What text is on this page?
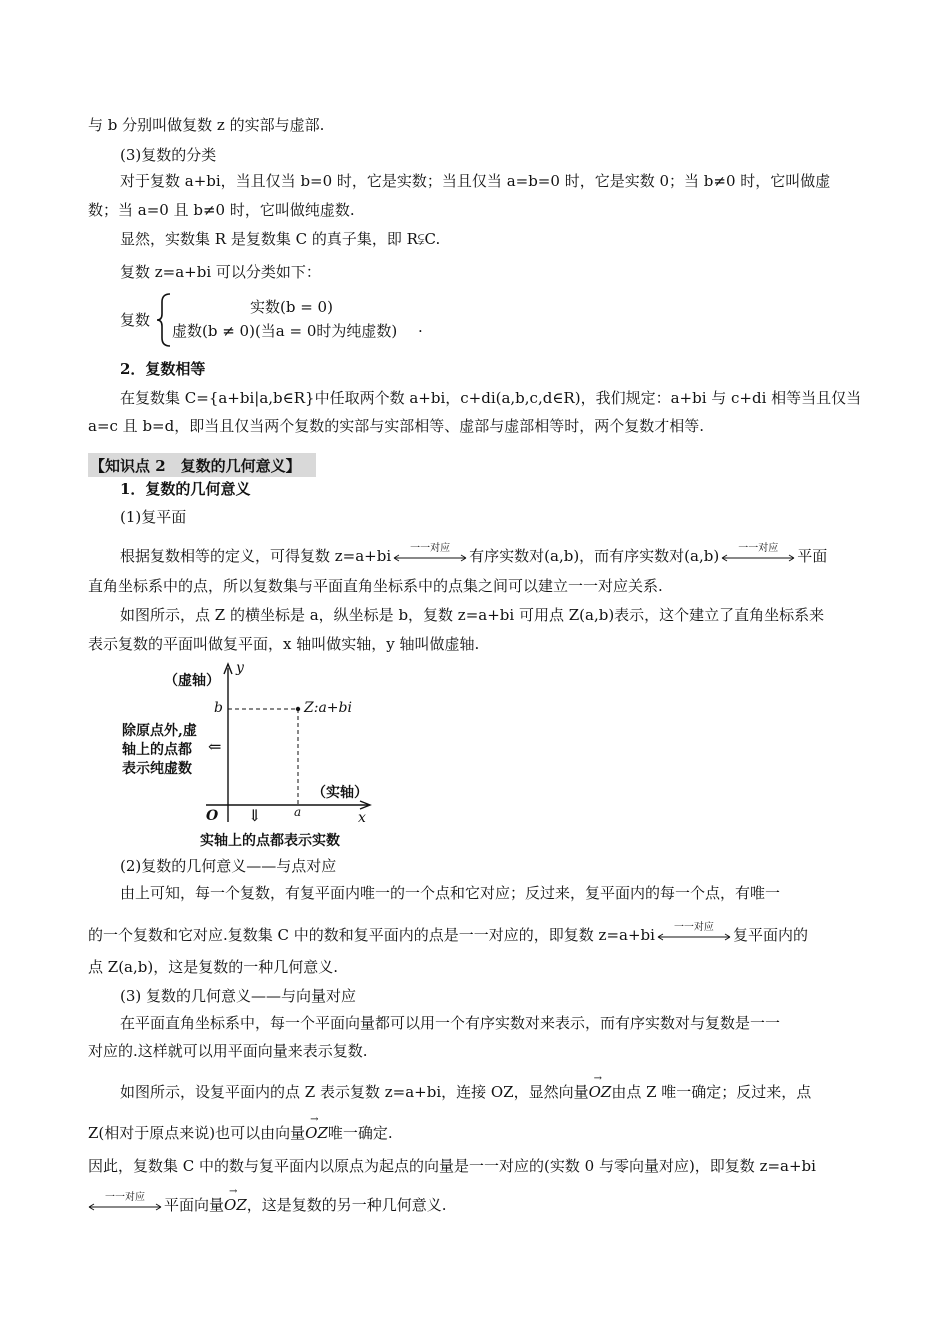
与 b 分别叫做复数 z 的实部与虚部.
(3)复数的分类
对于复数 a+bi，当且仅当 b=0 时，它是实数；当且仅当 a=b=0 时，它是实数 0；当 b≠0 时，它叫做虚
数；当 a=0 且 b≠0 时，它叫做纯虚数.
显然，实数集 R 是复数集 C 的真子集，即 R⫋C.
复数 z=a+bi 可以分类如下：
复数
实数(b = 0)
虚数(b ≠ 0)(当a = 0时为纯虚数) .
2．复数相等
在复数集 C={a+bi|a,b∈R}中任取两个数 a+bi，c+di(a,b,c,d∈R)，我们规定：a+bi 与 c+di 相等当且仅当
a=c 且 b=d，即当且仅当两个复数的实部与实部相等、虚部与虚部相等时，两个复数才相等.
【知识点 2　复数的几何意义】
1．复数的几何意义
(1)复平面
根据复数相等的定义，可得复数 z=a+bi	一一对应	有序实数对(a,b)，而有序实数对(a,b)	一一对应	平面
直角坐标系中的点，所以复数集与平面直角坐标系中的点集之间可以建立一一对应关系.
如图所示，点 Z 的横坐标是 a，纵坐标是 b，复数 z=a+bi 可用点 Z(a,b)表示，这个建立了直角坐标系来
表示复数的平面叫做复平面，x 轴叫做实轴，y 轴叫做虚轴.
（虚轴）
y
b	Z:a+bi
除原点外,虚
轴上的点都 ⇐
表示纯虚数
（实轴）
O ⇓	a	x
实轴上的点都表示实数
(2)复数的几何意义——与点对应
由上可知，每一个复数，有复平面内唯一的一个点和它对应；反过来，复平面内的每一个点，有唯一
的一个复数和它对应.复数集 C 中的数和复平面内的点是一一对应的，即复数 z=a+bi	一一对应	复平面内的
点 Z(a,b)，这是复数的一种几何意义.
(3) 复数的几何意义——与向量对应
在平面直角坐标系中，每一个平面向量都可以用一个有序实数对来表示，而有序实数对与复数是一一
对应的.这样就可以用平面向量来表示复数.
如图所示，设复平面内的点 Z 表示复数 z=a+bi，连接 OZ，显然向量→ OZ由点 Z 唯一确定；反过来，点
Z(相对于原点来说)也可以由向量→ OZ唯一确定.
因此，复数集 C 中的数与复平面内以原点为起点的向量是一一对应的(实数 0 与零向量对应)，即复数 z=a+bi
一一对应	平面向量→ OZ，这是复数的另一种几何意义.
